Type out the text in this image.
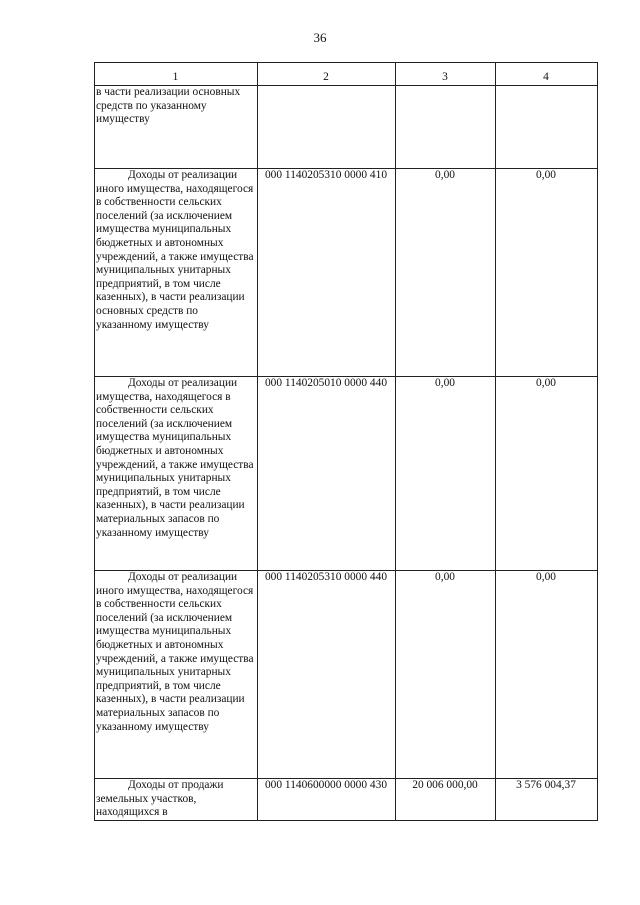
36
1	2	3	4
в части реализации основных средств по указанному имуществу			

Доходы от реализации
иного имущества, находящегося в собственности сельских поселений (за исключением имущества муниципальных бюджетных и автономных учреждений, а также имущества муниципальных унитарных предприятий, в том числе казенных), в части реализации основных средств по указанному имуществу	000 1140205310 0000 410	0,00	0,00

Доходы от реализации
имущества, находящегося в собственности сельских поселений (за исключением имущества муниципальных бюджетных и автономных учреждений, а также имущества муниципальных унитарных предприятий, в том числе казенных), в части реализации материальных запасов по указанному имуществу	000 1140205010 0000 440	0,00	0,00

Доходы от реализации
иного имущества, находящегося в собственности сельских поселений (за исключением имущества муниципальных бюджетных и автономных учреждений, а также имущества муниципальных унитарных предприятий, в том числе казенных), в части реализации материальных запасов по указанному имуществу	000 1140205310 0000 440	0,00	0,00

Доходы от продажи
земельных участков, находящихся в	000 1140600000 0000 430	20 006 000,00	3 576 004,37
